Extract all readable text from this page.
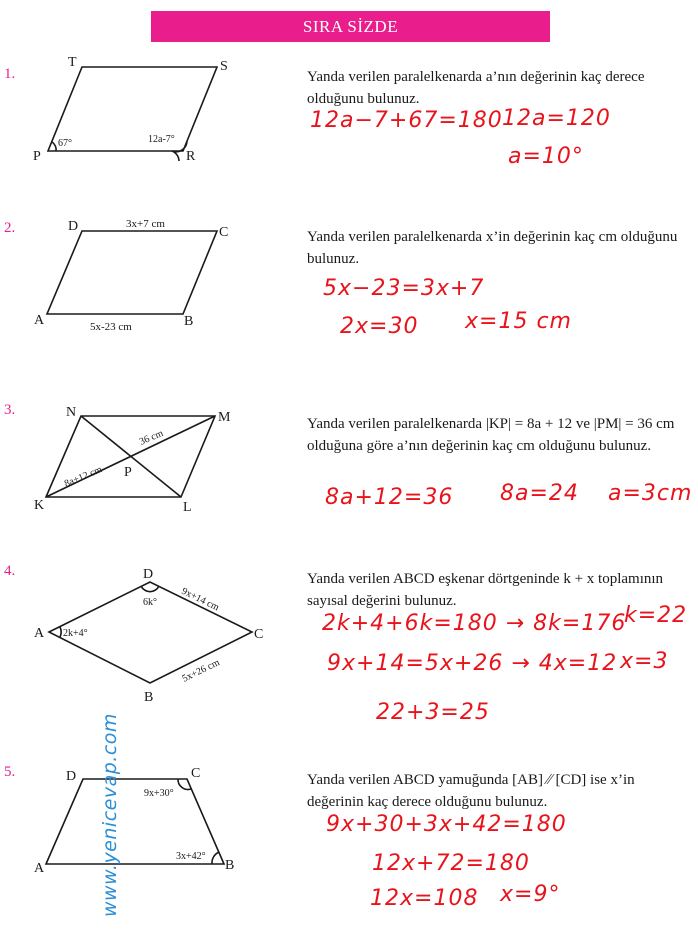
SIRA SİZDE
1.
2.
3.
4.
5.
T	S
P	R
67°	12a-7°
D	C
A	B
3x+7 cm
5x-23 cm
N	M
K	L
P
36 cm
8a+12 cm
D
A	C
B
6k°
2k+4°
9x+14 cm
5x+26 cm
D	C
A	B
9x+30°
3x+42°
www.yenicevap.com
Yanda verilen paralelkenarda a’nın değerinin kaç derece olduğunu bulunuz.
Yanda verilen paralelkenarda x’in değerinin kaç cm olduğunu bulunuz.
Yanda verilen paralelkenarda |KP| = 8a + 12 ve |PM| = 36 cm olduğuna göre a’nın değerinin kaç cm olduğunu bulunuz.
Yanda verilen ABCD eşkenar dörtgeninde k + x toplamının sayısal değerini bulunuz.
Yanda verilen ABCD yamuğunda [AB] ∕∕ [CD] ise x’in değerinin kaç derece olduğunu bulunuz.
12a−7+67=180 12a=120
a=10°
5x−23=3x+7
2x=30 x=15 cm
8a+12=36 8a=24 a=3cm
2k+4+6k=180 → 8k=176
k=22
9x+14=5x+26 → 4x=12 x=3
22+3=25
9x+30+3x+42=180
12x+72=180
12x=108 x=9°
